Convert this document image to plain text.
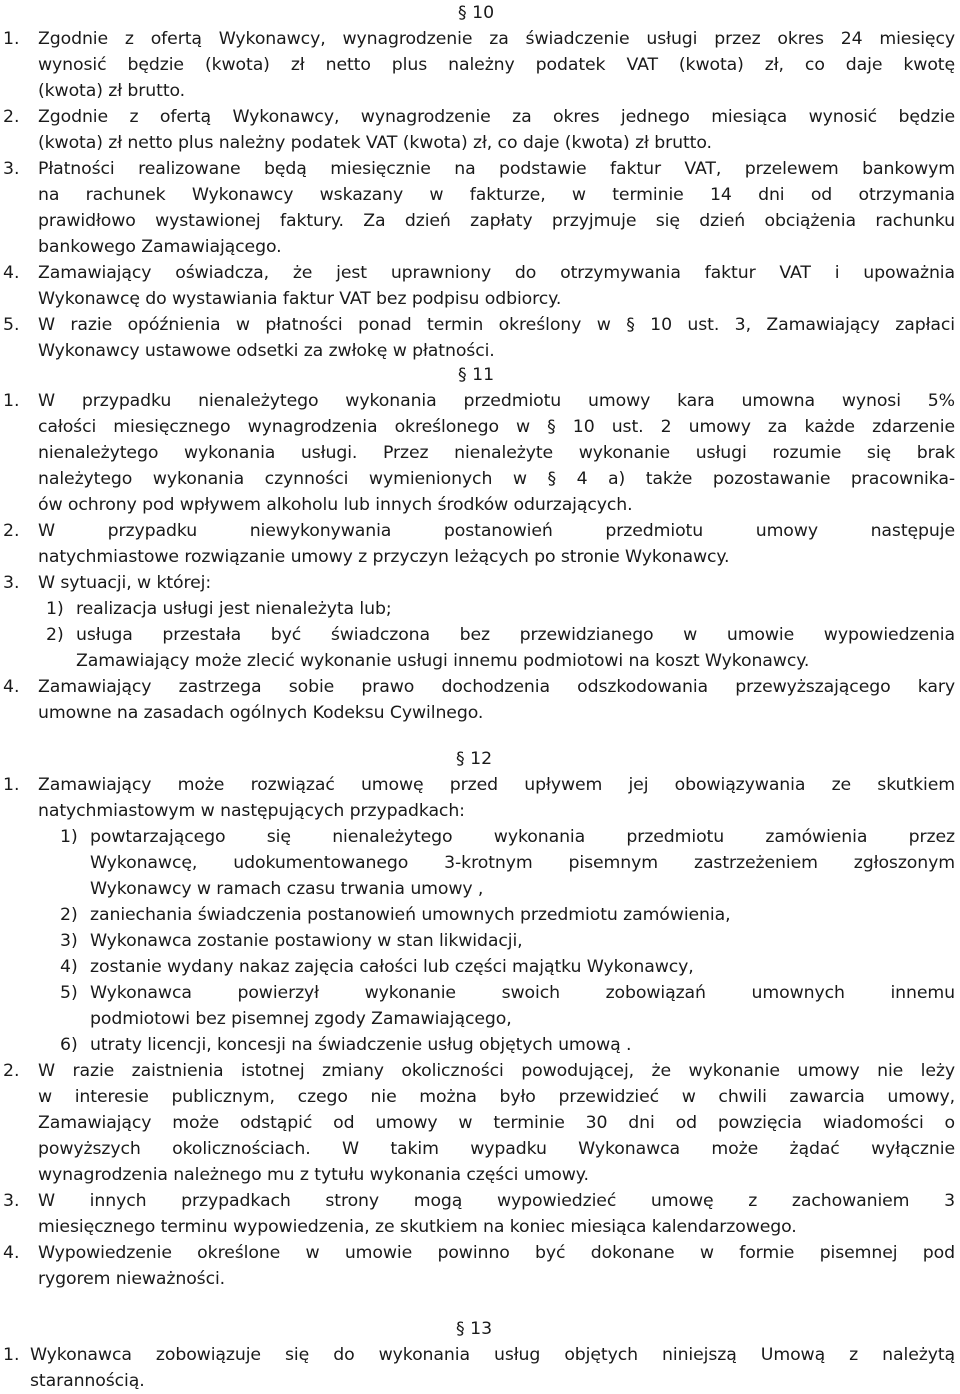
§ 10
1. Zgodnie z ofertą Wykonawcy, wynagrodzenie za świadczenie usługi przez okres 24 miesięcy
wynosić będzie (kwota) zł netto plus należny podatek VAT (kwota) zł, co daje kwotę
(kwota) zł brutto.
2. Zgodnie z ofertą Wykonawcy, wynagrodzenie za okres jednego miesiąca wynosić będzie
(kwota) zł netto plus należny podatek VAT (kwota) zł, co daje (kwota) zł brutto.
3. Płatności realizowane będą miesięcznie na podstawie faktur VAT, przelewem bankowym
na rachunek Wykonawcy wskazany w fakturze, w terminie 14 dni od otrzymania
prawidłowo wystawionej faktury. Za dzień zapłaty przyjmuje się dzień obciążenia rachunku
bankowego Zamawiającego.
4. Zamawiający oświadcza, że jest uprawniony do otrzymywania faktur VAT i upoważnia
Wykonawcę do wystawiania faktur VAT bez podpisu odbiorcy.
5. W razie opóźnienia w płatności ponad termin określony w § 10 ust. 3, Zamawiający zapłaci
Wykonawcy ustawowe odsetki za zwłokę w płatności.
§ 11
1. W przypadku nienależytego wykonania przedmiotu umowy kara umowna wynosi 5%
całości miesięcznego wynagrodzenia określonego w § 10 ust. 2 umowy za każde zdarzenie
nienależytego wykonania usługi. Przez nienależyte wykonanie usługi rozumie się brak
należytego wykonania czynności wymienionych w § 4 a) także pozostawanie pracownika-
ów ochrony pod wpływem alkoholu lub innych środków odurzających.
2. W przypadku niewykonywania postanowień przedmiotu umowy następuje
natychmiastowe rozwiązanie umowy z przyczyn leżących po stronie Wykonawcy.
3. W sytuacji, w której:
1) realizacja usługi jest nienależyta lub;
2) usługa przestała być świadczona bez przewidzianego w umowie wypowiedzenia
Zamawiający może zlecić wykonanie usługi innemu podmiotowi na koszt Wykonawcy.
4. Zamawiający zastrzega sobie prawo dochodzenia odszkodowania przewyższającego kary
umowne na zasadach ogólnych Kodeksu Cywilnego.
§ 12
1. Zamawiający może rozwiązać umowę przed upływem jej obowiązywania ze skutkiem
natychmiastowym w następujących przypadkach:
1) powtarzającego się nienależytego wykonania przedmiotu zamówienia przez
Wykonawcę, udokumentowanego 3-krotnym pisemnym zastrzeżeniem zgłoszonym
Wykonawcy w ramach czasu trwania umowy ,
2) zaniechania świadczenia postanowień umownych przedmiotu zamówienia,
3) Wykonawca zostanie postawiony w stan likwidacji,
4) zostanie wydany nakaz zajęcia całości lub części majątku Wykonawcy,
5) Wykonawca powierzył wykonanie swoich zobowiązań umownych innemu
podmiotowi bez pisemnej zgody Zamawiającego,
6) utraty licencji, koncesji na świadczenie usług objętych umową .
2. W razie zaistnienia istotnej zmiany okoliczności powodującej, że wykonanie umowy nie leży
w interesie publicznym, czego nie można było przewidzieć w chwili zawarcia umowy,
Zamawiający może odstąpić od umowy w terminie 30 dni od powzięcia wiadomości o
powyższych okolicznościach. W takim wypadku Wykonawca może żądać wyłącznie
wynagrodzenia należnego mu z tytułu wykonania części umowy.
3. W innych przypadkach strony mogą wypowiedzieć umowę z zachowaniem 3
miesięcznego terminu wypowiedzenia, ze skutkiem na koniec miesiąca kalendarzowego.
4. Wypowiedzenie określone w umowie powinno być dokonane w formie pisemnej pod
rygorem nieważności.
§ 13
1. Wykonawca zobowiązuje się do wykonania usług objętych niniejszą Umową z należytą
starannością.
